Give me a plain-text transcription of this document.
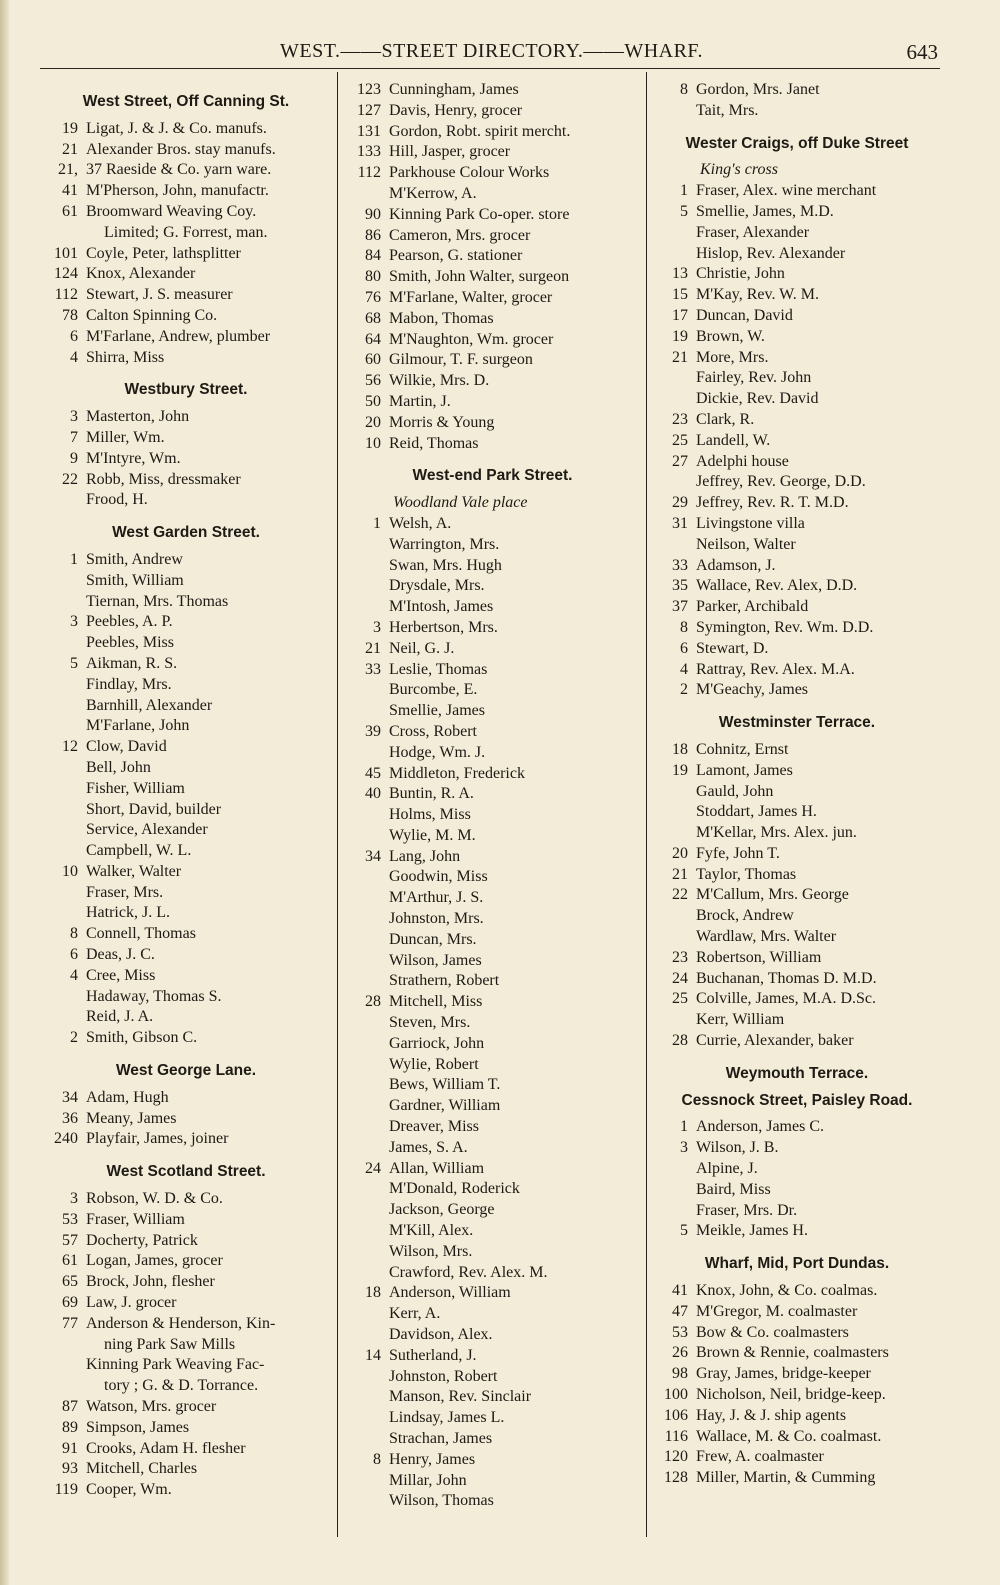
WEST.——STREET DIRECTORY.——WHARF.	643
West Street, Off Canning St.
19 Ligat, J. & J. & Co. manufs.
21 Alexander Bros. stay manufs.
21, 37 Raeside & Co. yarn ware.
41 M'Pherson, John, manufactr.
61 Broomward Weaving Coy.
Limited; G. Forrest, man.
101 Coyle, Peter, lathsplitter
124 Knox, Alexander
112 Stewart, J. S. measurer
78 Calton Spinning Co.
6 M'Farlane, Andrew, plumber
4 Shirra, Miss
Westbury Street.
3 Masterton, John
7 Miller, Wm.
9 M'Intyre, Wm.
22 Robb, Miss, dressmaker
Frood, H.
West Garden Street.
1 Smith, Andrew
Smith, William
Tiernan, Mrs. Thomas
3 Peebles, A. P.
Peebles, Miss
5 Aikman, R. S.
Findlay, Mrs.
Barnhill, Alexander
M'Farlane, John
12 Clow, David
Bell, John
Fisher, William
Short, David, builder
Service, Alexander
Campbell, W. L.
10 Walker, Walter
Fraser, Mrs.
Hatrick, J. L.
8 Connell, Thomas
6 Deas, J. C.
4 Cree, Miss
Hadaway, Thomas S.
Reid, J. A.
2 Smith, Gibson C.
West George Lane.
34 Adam, Hugh
36 Meany, James
240 Playfair, James, joiner
West Scotland Street.
3 Robson, W. D. & Co.
53 Fraser, William
57 Docherty, Patrick
61 Logan, James, grocer
65 Brock, John, flesher
69 Law, J. grocer
77 Anderson & Henderson, Kin-
ning Park Saw Mills
Kinning Park Weaving Fac-
tory ; G. & D. Torrance.
87 Watson, Mrs. grocer
89 Simpson, James
91 Crooks, Adam H. flesher
93 Mitchell, Charles
119 Cooper, Wm.
123 Cunningham, James
127 Davis, Henry, grocer
131 Gordon, Robt. spirit mercht.
133 Hill, Jasper, grocer
112 Parkhouse Colour Works
M'Kerrow, A.
90 Kinning Park Co-oper. store
86 Cameron, Mrs. grocer
84 Pearson, G. stationer
80 Smith, John Walter, surgeon
76 M'Farlane, Walter, grocer
68 Mabon, Thomas
64 M'Naughton, Wm. grocer
60 Gilmour, T. F. surgeon
56 Wilkie, Mrs. D.
50 Martin, J.
20 Morris & Young
10 Reid, Thomas
West-end Park Street.
Woodland Vale place
1 Welsh, A.
Warrington, Mrs.
Swan, Mrs. Hugh
Drysdale, Mrs.
M'Intosh, James
3 Herbertson, Mrs.
21 Neil, G. J.
33 Leslie, Thomas
Burcombe, E.
Smellie, James
39 Cross, Robert
Hodge, Wm. J.
45 Middleton, Frederick
40 Buntin, R. A.
Holms, Miss
Wylie, M. M.
34 Lang, John
Goodwin, Miss
M'Arthur, J. S.
Johnston, Mrs.
Duncan, Mrs.
Wilson, James
Strathern, Robert
28 Mitchell, Miss
Steven, Mrs.
Garriock, John
Wylie, Robert
Bews, William T.
Gardner, William
Dreaver, Miss
James, S. A.
24 Allan, William
M'Donald, Roderick
Jackson, George
M'Kill, Alex.
Wilson, Mrs.
Crawford, Rev. Alex. M.
18 Anderson, William
Kerr, A.
Davidson, Alex.
14 Sutherland, J.
Johnston, Robert
Manson, Rev. Sinclair
Lindsay, James L.
Strachan, James
8 Henry, James
Millar, John
Wilson, Thomas
8 Gordon, Mrs. Janet
Tait, Mrs.
Wester Craigs, off Duke Street
King's cross
1 Fraser, Alex. wine merchant
5 Smellie, James, M.D.
Fraser, Alexander
Hislop, Rev. Alexander
13 Christie, John
15 M'Kay, Rev. W. M.
17 Duncan, David
19 Brown, W.
21 More, Mrs.
Fairley, Rev. John
Dickie, Rev. David
23 Clark, R.
25 Landell, W.
27 Adelphi house
Jeffrey, Rev. George, D.D.
29 Jeffrey, Rev. R. T. M.D.
31 Livingstone villa
Neilson, Walter
33 Adamson, J.
35 Wallace, Rev. Alex, D.D.
37 Parker, Archibald
8 Symington, Rev. Wm. D.D.
6 Stewart, D.
4 Rattray, Rev. Alex. M.A.
2 M'Geachy, James
Westminster Terrace.
18 Cohnitz, Ernst
19 Lamont, James
Gauld, John
Stoddart, James H.
M'Kellar, Mrs. Alex. jun.
20 Fyfe, John T.
21 Taylor, Thomas
22 M'Callum, Mrs. George
Brock, Andrew
Wardlaw, Mrs. Walter
23 Robertson, William
24 Buchanan, Thomas D. M.D.
25 Colville, James, M.A. D.Sc.
Kerr, William
28 Currie, Alexander, baker
Weymouth Terrace.
Cessnock Street, Paisley Road.
1 Anderson, James C.
3 Wilson, J. B.
Alpine, J.
Baird, Miss
Fraser, Mrs. Dr.
5 Meikle, James H.
Wharf, Mid, Port Dundas.
41 Knox, John, & Co. coalmas.
47 M'Gregor, M. coalmaster
53 Bow & Co. coalmasters
26 Brown & Rennie, coalmasters
98 Gray, James, bridge-keeper
100 Nicholson, Neil, bridge-keep.
106 Hay, J. & J. ship agents
116 Wallace, M. & Co. coalmast.
120 Frew, A. coalmaster
128 Miller, Martin, & Cumming
